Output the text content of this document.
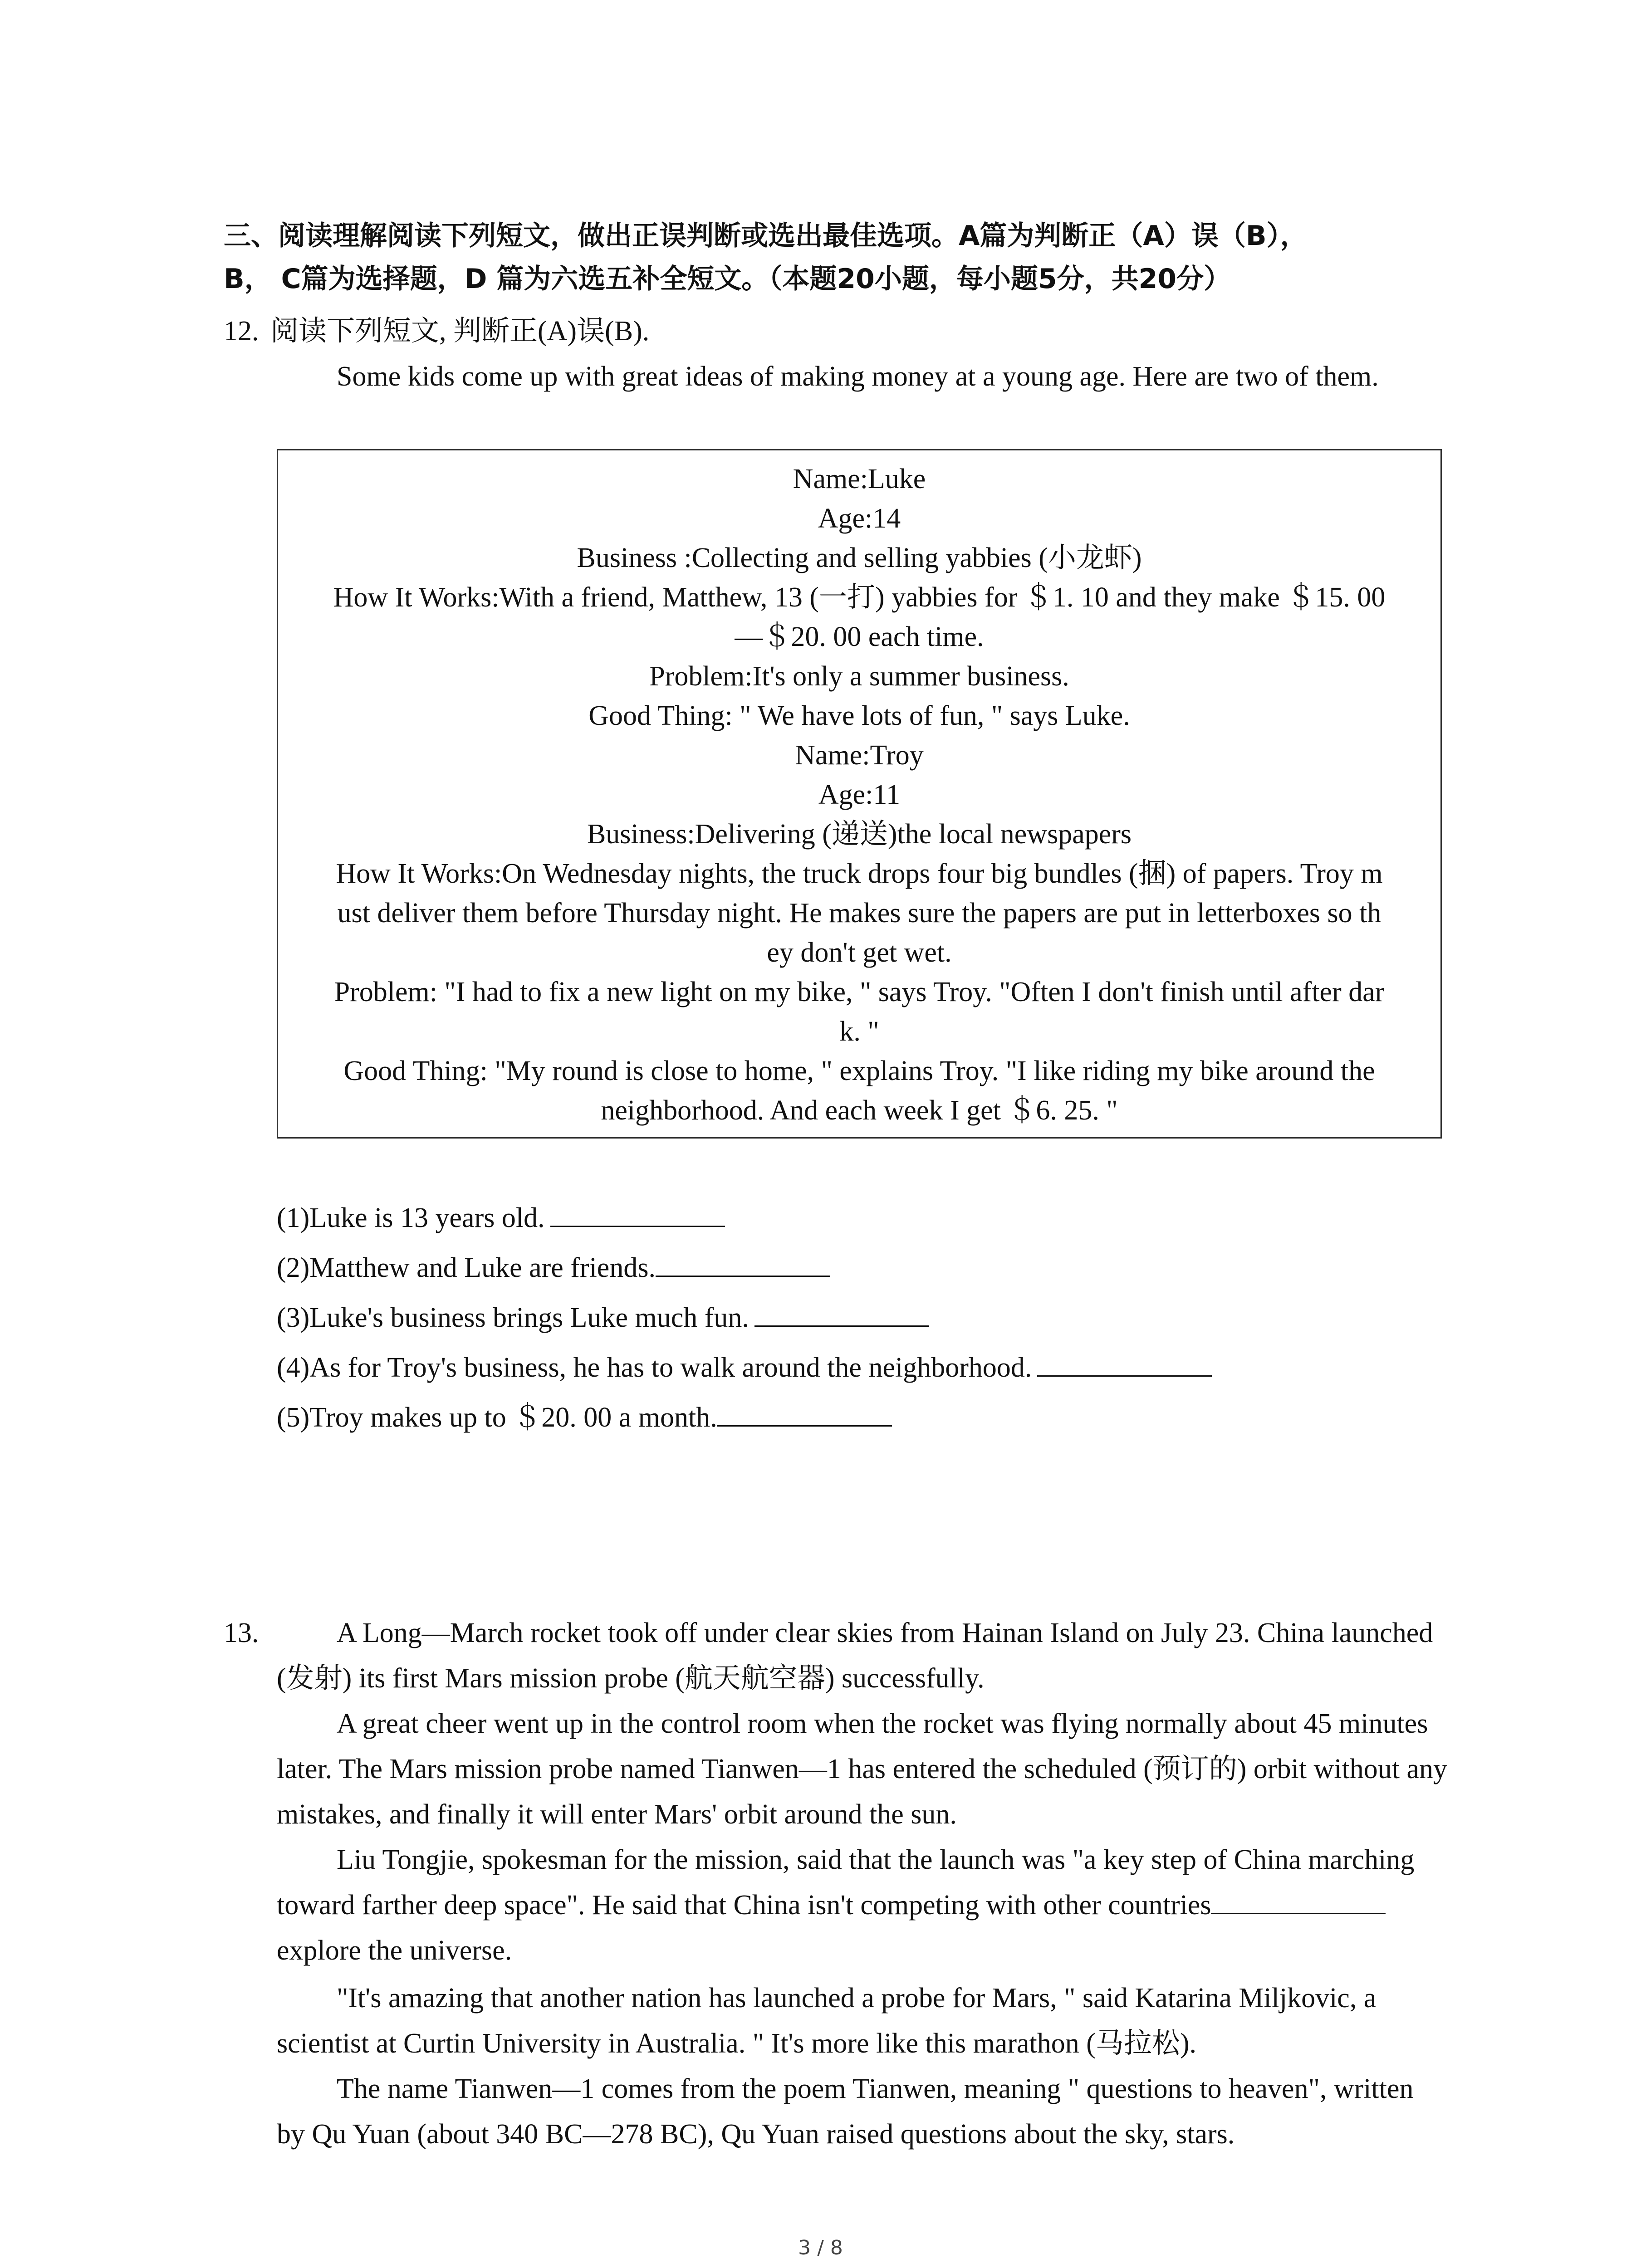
三、阅读理解阅读下列短文，做出正误判断或选出最佳选项。A篇为判断正（A）误（B），
B， C篇为选择题，D 篇为六选五补全短文。（本题20小题，每小题5分，共20分）
12. 阅读下列短文, 判断正(A)误(B).
Some kids come up with great ideas of making money at a young age. Here are two of them.
Name:Luke
Age:14
Business :Collecting and selling yabbies (小龙虾)
How It Works:With a friend, Matthew, 13 (一打) yabbies for ＄1. 10 and they make ＄15. 00
—＄20. 00 each time.
Problem:It's only a summer business.
Good Thing: " We have lots of fun, " says Luke.
Name:Troy
Age:11
Business:Delivering (递送)the local newspapers
How It Works:On Wednesday nights, the truck drops four big bundles (捆) of papers. Troy m
ust deliver them before Thursday night. He makes sure the papers are put in letterboxes so th
ey don't get wet.
Problem: "I had to fix a new light on my bike, " says Troy. "Often I don't finish until after dar
k. "
Good Thing: "My round is close to home, " explains Troy. "I like riding my bike around the
neighborhood. And each week I get ＄6. 25. "
(1)Luke is 13 years old.
(2)Matthew and Luke are friends.
(3)Luke's business brings Luke much fun.
(4)As for Troy's business, he has to walk around the neighborhood.
(5)Troy makes up to ＄20. 00 a month.
13.	A Long—March rocket took off under clear skies from Hainan Island on July 23. China launched (发射) its first Mars mission probe (航天航空器) successfully.
A great cheer went up in the control room when the rocket was flying normally about 45 minutes later. The Mars mission probe named Tianwen—1 has entered the scheduled (预订的) orbit without any mistakes, and finally it will enter Mars' orbit around the sun.
Liu Tongjie, spokesman for the mission, said that the launch was "a key step of China marching toward farther deep space". He said that China isn't competing with other countriesexplore the universe.
"It's amazing that another nation has launched a probe for Mars, " said Katarina Miljkovic, a scientist at Curtin University in Australia. " It's more like this marathon (马拉松).
The name Tianwen—1 comes from the poem Tianwen, meaning " questions to heaven", written by Qu Yuan (about 340 BC—278 BC), Qu Yuan raised questions about the sky, stars.
3 / 8
